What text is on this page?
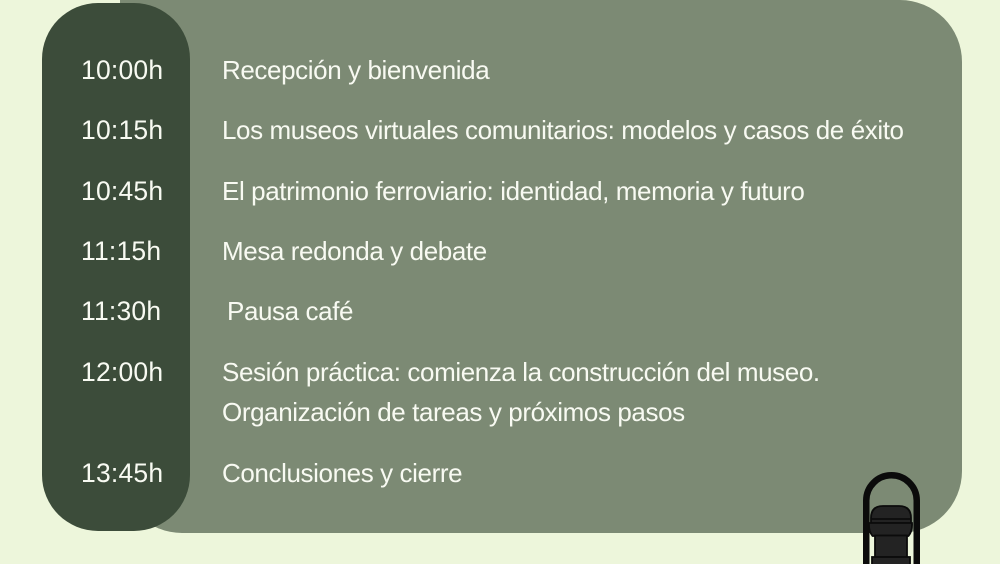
10:00h Recepción y bienvenida
10:15h Los museos virtuales comunitarios: modelos y casos de éxito
10:45h El patrimonio ferroviario: identidad, memoria y futuro
11:15h Mesa redonda y debate
11:30h	Pausa café
12:00h Sesión práctica: comienza la construcción del museo.
Organización de tareas y próximos pasos
13:45h Conclusiones y cierre
